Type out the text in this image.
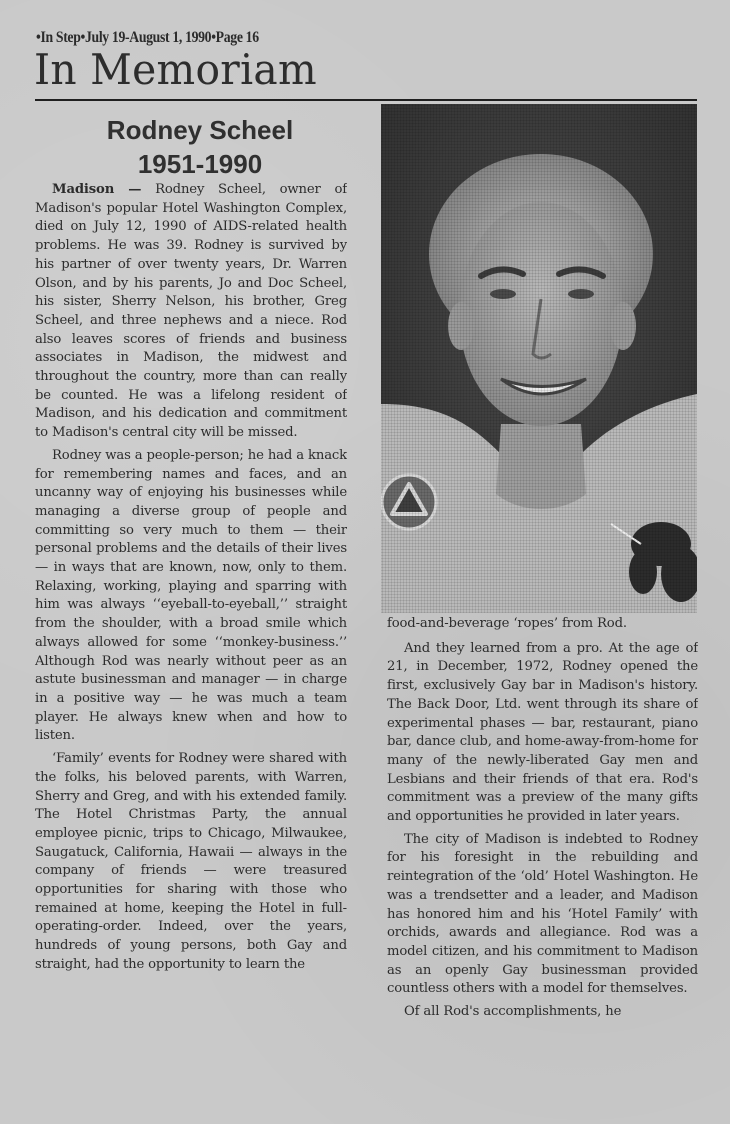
•In Step•July 19-August 1, 1990•Page 16
In Memoriam
Rodney Scheel
1951-1990

Madison — Rodney Scheel, owner of Madison's popular Hotel Washington Complex, died on July 12, 1990 of AIDS-related health problems. He was 39. Rodney is survived by his partner of over twenty years, Dr. Warren Olson, and by his parents, Jo and Doc Scheel, his sister, Sherry Nelson, his brother, Greg Scheel, and three nephews and a niece. Rod also leaves scores of friends and business associates in Madison, the midwest and throughout the country, more than can really be counted. He was a lifelong resident of Madison, and his dedication and commitment to Madison's central city will be missed.

Rodney was a people-person; he had a knack for remembering names and faces, and an uncanny way of enjoying his businesses while managing a diverse group of people and committing so very much to them — their personal problems and the details of their lives — in ways that are known, now, only to them. Relaxing, working, playing and sparring with him was always ‘‘eyeball-to-eyeball,’’ straight from the shoulder, with a broad smile which always allowed for some ‘‘monkey-business.’’ Although Rod was nearly without peer as an astute businessman and manager — in charge in a positive way — he was much a team player. He always knew when and how to listen.

‘Family’ events for Rodney were shared with the folks, his beloved parents, with Warren, Sherry and Greg, and with his extended family. The Hotel Christmas Party, the annual employee picnic, trips to Chicago, Milwaukee, Saugatuck, California, Hawaii — always in the company of friends — were treasured opportunities for sharing with those who remained at home, keeping the Hotel in full-operating-order. Indeed, over the years, hundreds of young persons, both Gay and straight, had the opportunity to learn the

food-and-beverage ‘ropes’ from Rod.

And they learned from a pro. At the age of 21, in December, 1972, Rodney opened the first, exclusively Gay bar in Madison's history. The Back Door, Ltd. went through its share of experimental phases — bar, restaurant, piano bar, dance club, and home-away-from-home for many of the newly-liberated Gay men and Lesbians and their friends of that era. Rod's commitment was a preview of the many gifts and opportunities he provided in later years.

The city of Madison is indebted to Rodney for his foresight in the rebuilding and reintegration of the ‘old’ Hotel Washington. He was a trendsetter and a leader, and Madison has honored him and his ‘Hotel Family’ with orchids, awards and allegiance. Rod was a model citizen, and his commitment to Madison as an openly Gay businessman provided countless others with a model for themselves.

Of all Rod's accomplishments, he
